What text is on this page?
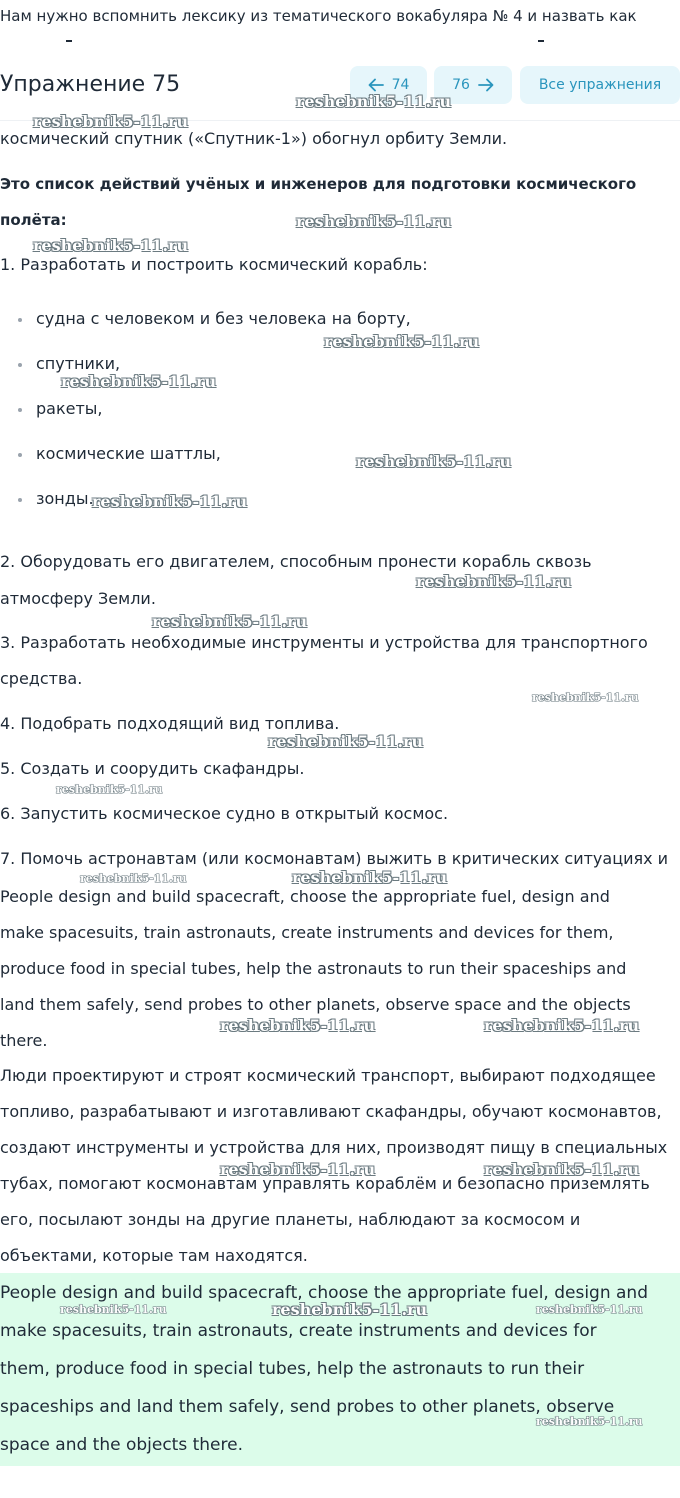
Нам нужно вспомнить лексику из тематического вокабуляра № 4 и назвать как
Упражнение 75	74	76	Все упражнения
космический спутник («Спутник-1») обогнул орбиту Земли.
Это список действий учёных и инженеров для подготовки космического
полёта:
1. Разработать и построить космический корабль:
судна с человеком и без человека на борту,
спутники,
ракеты,
космические шаттлы,
зонды.
2. Оборудовать его двигателем, способным пронести корабль сквозь
атмосферу Земли.
3. Разработать необходимые инструменты и устройства для транспортного
средства.
4. Подобрать подходящий вид топлива.
5. Создать и соорудить скафандры.
6. Запустить космическое судно в открытый космос.
7. Помочь астронавтам (или космонавтам) выжить в критических ситуациях и
People design and build spacecraft, choose the appropriate fuel, design and
make spacesuits, train astronauts, create instruments and devices for them,
produce food in special tubes, help the astronauts to run their spaceships and
land them safely, send probes to other planets, observe space and the objects
there.
Люди проектируют и строят космический транспорт, выбирают подходящее
топливо, разрабатывают и изготавливают скафандры, обучают космонавтов,
создают инструменты и устройства для них, производят пищу в специальных
тубах, помогают космонавтам управлять кораблём и безопасно приземлять
его, посылают зонды на другие планеты, наблюдают за космосом и
объектами, которые там находятся.
People design and build spacecraft, choose the appropriate fuel, design and
make spacesuits, train astronauts, create instruments and devices for
them, produce food in special tubes, help the astronauts to run their
spaceships and land them safely, send probes to other planets, observe
space and the objects there.
reshebnik5-11.ru
reshebnik5-11.ru
reshebnik5-11.ru
reshebnik5-11.ru
reshebnik5-11.ru
reshebnik5-11.ru
reshebnik5-11.ru
reshebnik5-11.ru
reshebnik5-11.ru
reshebnik5-11.ru
reshebnik5-11.ru
reshebnik5-11.ru
reshebnik5-11.ru
reshebnik5-11.ru	reshebnik5-11.ru
reshebnik5-11.ru	reshebnik5-11.ru
reshebnik5-11.ru	reshebnik5-11.ru
reshebnik5-11.ru	reshebnik5-11.ru	reshebnik5-11.ru
reshebnik5-11.ru
